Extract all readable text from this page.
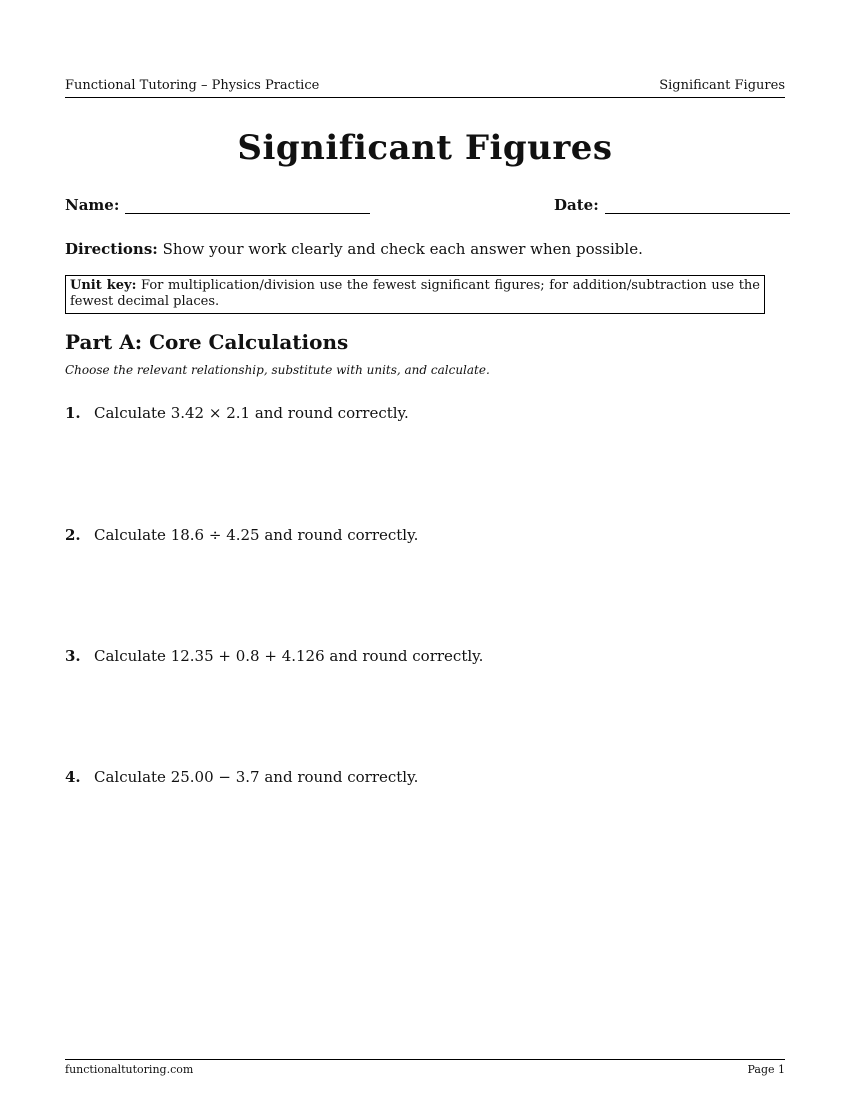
Functional Tutoring – Physics Practice	Significant Figures
Significant Figures
Name:	Date:
Directions: Show your work clearly and check each answer when possible.
Unit key: For multiplication/division use the fewest significant figures; for addition/subtraction use the fewest decimal places.
Part A: Core Calculations
Choose the relevant relationship, substitute with units, and calculate.
1. Calculate 3.42 × 2.1 and round correctly.
2. Calculate 18.6 ÷ 4.25 and round correctly.
3. Calculate 12.35 + 0.8 + 4.126 and round correctly.
4. Calculate 25.00 − 3.7 and round correctly.
functionaltutoring.com	Page 1
